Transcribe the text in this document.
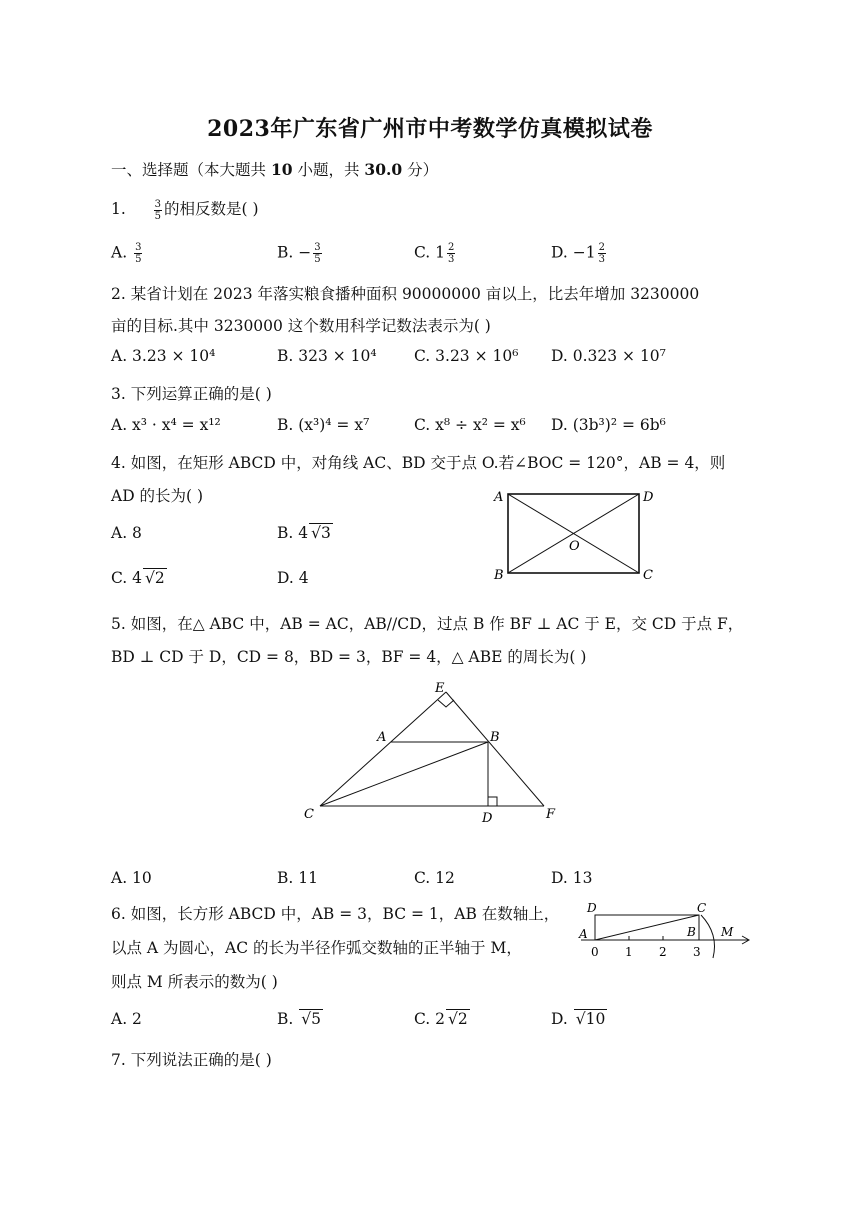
2023年广东省广州市中考数学仿真模拟试卷
一、选择题（本大题共 10 小题，共 30.0 分）
1.	$\frac{3}{5}$ 的相反数是( )
A. $\frac{3}{5}$	B. − $\frac{3}{5}$	C. $1 \frac{2}{3}$	D. $-1 \frac{2}{3}$
2. 某省计划在 2023 年落实粮食播种面积 90000000 亩以上，比去年增加 3230000
亩的目标.其中 3230000 这个数用科学记数法表示为( )
A. 3.23 × 10⁴	B. 323 × 10⁴ C. 3.23 × 10⁶ D. 0.323 × 10⁷
3. 下列运算正确的是( )
A. x³ · x⁴ = x¹²	B. (x³)⁴ = x⁷	C. x⁸ ÷ x² = x⁶ D. (3b³)² = 6b⁶
4. 如图，在矩形 ABCD 中，对角线 AC、BD 交于点 O.若∠BOC = 120°，AB = 4，则
AD 的长为( )
A. 8	B. 4 √3
C. 4 √2	D. 4
A	D
B	C
O
5. 如图，在△ ABC 中，AB = AC，AB//CD，过点 B 作 BF ⊥ AC 于 E，交 CD 于点 F，
BD ⊥ CD 于 D，CD = 8，BD = 3，BF = 4，△ ABE 的周长为( )
E
A	B
C	D	F
A. 10	B. 11	C. 12	D. 13
6. 如图，长方形 ABCD 中，AB = 3，BC = 1，AB 在数轴上，
以点 A 为圆心，AC 的长为半径作弧交数轴的正半轴于 M，
则点 M 所表示的数为( )
D	C
A	B M
0 1 2 3
A. 2	B. √5	C. 2 √2	D. √10
7. 下列说法正确的是( )
